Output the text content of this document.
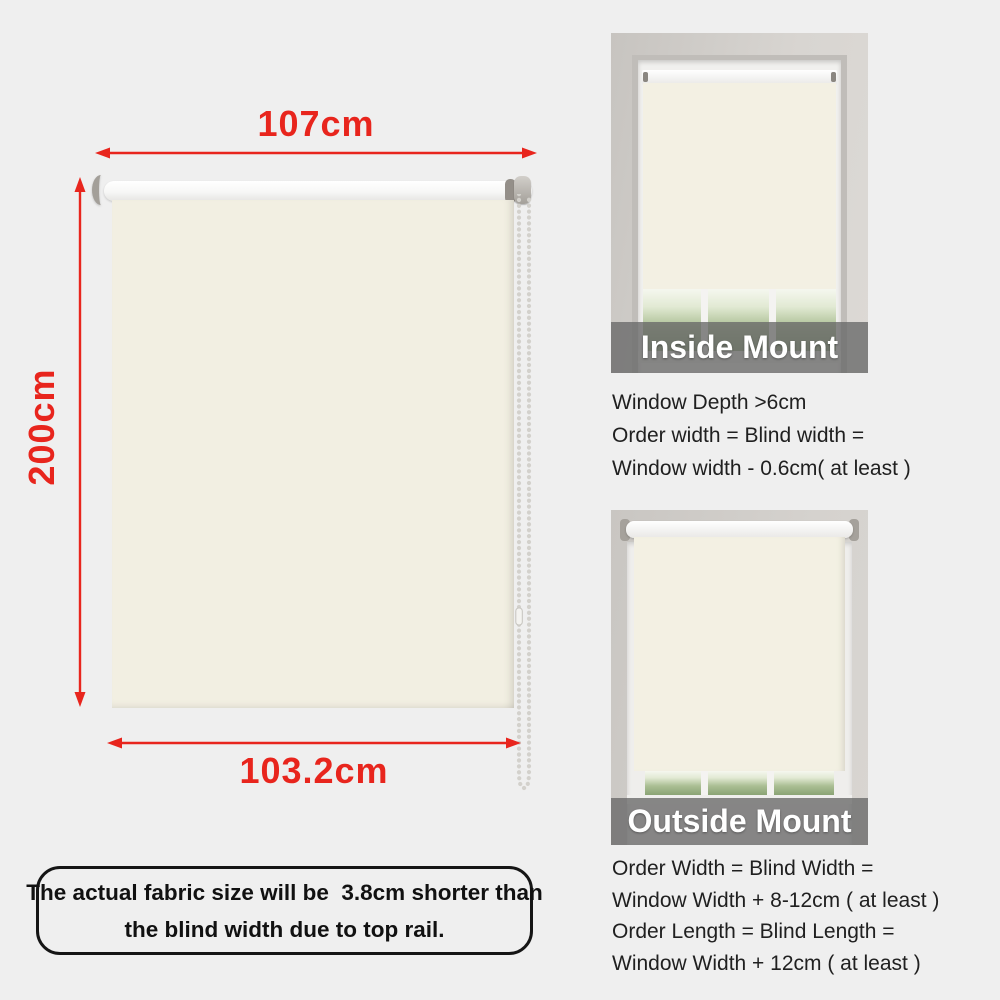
107cm
200cm
103.2cm
The actual fabric size will be  3.8cm shorter than
the blind width due to top rail.
Inside Mount
Window Depth >6cm
Order width = Blind width =
Window width - 0.6cm( at least )
Outside Mount
Order Width = Blind Width =
Window Width + 8-12cm ( at least )
Order Length = Blind Length =
Window Width + 12cm ( at least )
